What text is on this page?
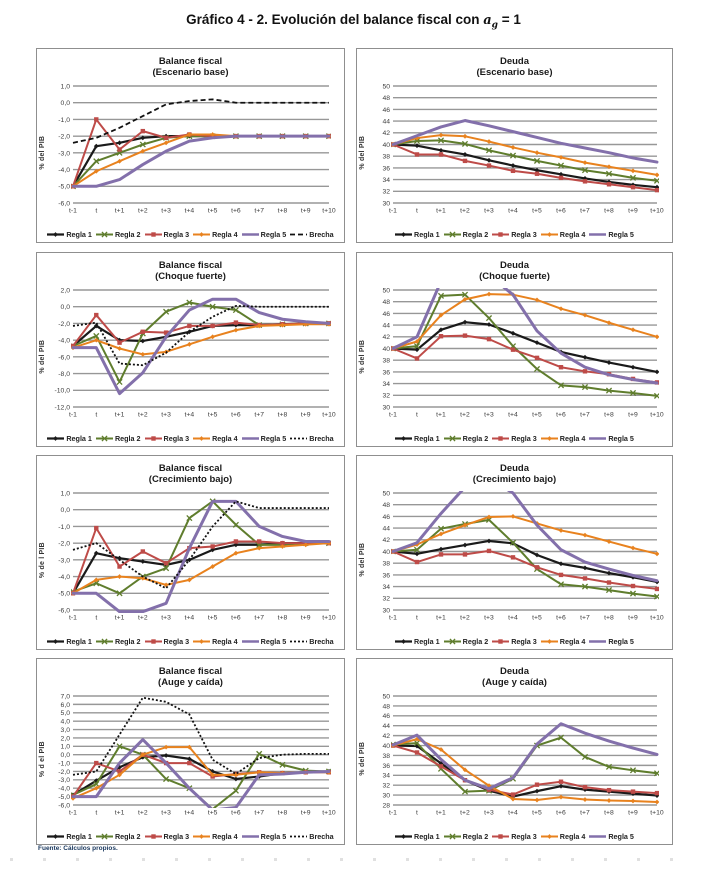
Gráfico 4 - 2. Evolución del balance fiscal con $a_g = 1$
Balance fiscal
(Escenario base)
% del PIB
1,0
0,0
-1,0
-2,0
-3,0
-4,0
-5,0
-6,0
t-1	t	t+1 t+2 t+3 t+4 t+5 t+6 t+7 t+8 t+9 t+10
Regla 1	Regla 2	Regla 3	Regla 4	Regla 5	Brecha
Deuda
(Escenario base)
% del PIB
50
48
46
44
42
40
38
36
34
32
30
t-1	t	t+1 t+2 t+3 t+4 t+5 t+6 t+7 t+8 t+9 t+10
Regla 1	Regla 2	Regla 3	Regla 4	Regla 5
Balance fiscal
(Choque fuerte)
% del PIB
2,0
0,0
-2,0
-4,0
-6,0
-8,0
-10,0
-12,0
t-1	t	t+1 t+2 t+3 t+4 t+5 t+6 t+7 t+8 t+9 t+10
Regla 1	Regla 2	Regla 3	Regla 4	Regla 5	Brecha
Deuda
(Choque fuerte)
% del PIB
50
48
46
44
42
40
38
36
34
32
30
t-1	t	t+1 t+2 t+3 t+4 t+5 t+6 t+7 t+8 t+9 t+10
Regla 1	Regla 2	Regla 3	Regla 4	Regla 5
Balance fiscal
(Crecimiento bajo)
% de l PIB
1,0
0,0
-1,0
-2,0
-3,0
-4,0
-5,0
-6,0
t-1	t	t+1 t+2 t+3 t+4 t+5 t+6 t+7 t+8 t+9 t+10
Regla 1	Regla 2	Regla 3	Regla 4	Regla 5	Brecha
Deuda
(Crecimiento bajo)
% del PIB
50
48
46
44
42
40
38
36
34
32
30
t-1	t	t+1 t+2 t+3 t+4 t+5 t+6 t+7 t+8 t+9 t+10
Regla 1	Regla 2	Regla 3	Regla 4	Regla 5
Balance fiscal
(Auge y caída)
% d el PIB
7,0
6,0
5,0
4,0
3,0
2,0
1,0
0,0
-1,0
-2,0
-3,0
-4,0
-5,0
-6,0
t-1	t	t+1 t+2 t+3 t+4 t+5 t+6 t+7 t+8 t+9 t+10
Regla 1	Regla 2	Regla 3	Regla 4	Regla 5	Brecha
Deuda
(Auge y caída)
% del PIB
50
48
46
44
42
40
38
36
34
32
30
28
t-1	t	t+1 t+2 t+3 t+4 t+5 t+6 t+7 t+8 t+9 t+10
Regla 1	Regla 2	Regla 3	Regla 4	Regla 5
Fuente: Cálculos propios.
